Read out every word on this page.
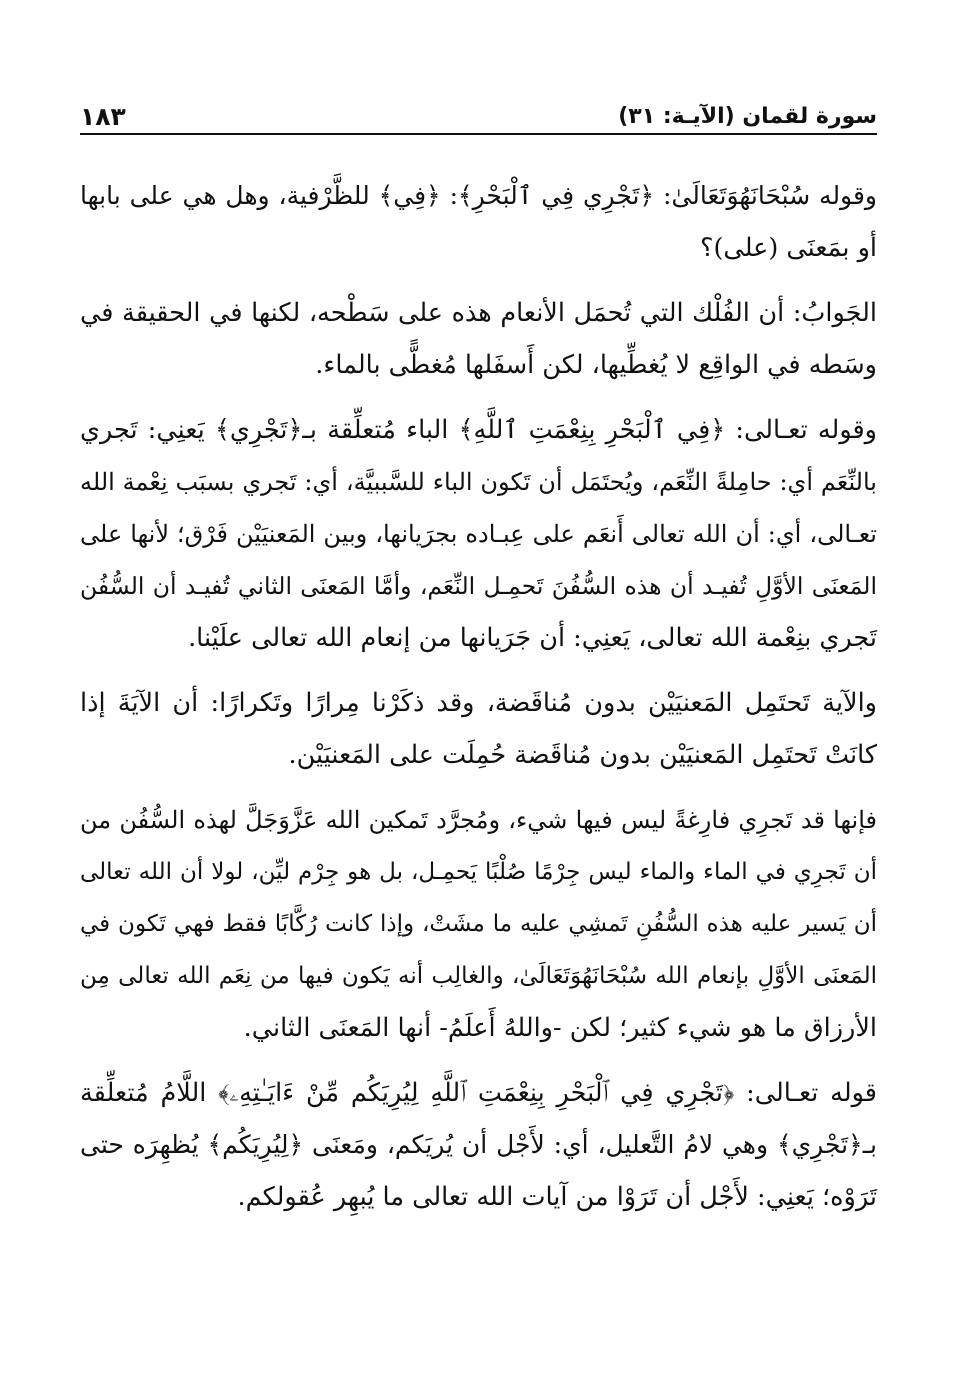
سورة لقمان (الآيـة: ٣١)
١٨٣

وقوله سُبْحَانَهُوَتَعَالَىٰ: ﴿تَجْرِي فِي ٱلْبَحْرِ﴾: ﴿فِي﴾ للظَّرْفية، وهل هي على بابها
أو بمَعنَى (على)؟

الجَوابُ: أن الفُلْك التي تُحمَل الأنعام هذه على سَطْحه، لكنها في الحقيقة في
وسَطه في الواقِع لا يُغطِّيها، لكن أَسفَلها مُغطًّى بالماء.

وقوله تعـالى: ﴿فِي ٱلْبَحْرِ بِنِعْمَتِ ٱللَّهِ﴾ الباء مُتعلِّقة بـ﴿تَجْرِي﴾ يَعنِي: تَجري
بالنِّعَم أي: حامِلةً النِّعَم، ويُحتَمَل أن تَكون الباء للسَّببيَّة، أي: تَجري بسبَب نِعْمة الله
تعـالى، أي: أن الله تعالى أَنعَم على عِبـاده بجرَيانها، وبين المَعنيَيْن فَرْق؛ لأنها على
المَعنَى الأوَّلِ تُفيـد أن هذه السُّفُنَ تَحمِـل النِّعَم، وأمَّا المَعنَى الثاني تُفيـد أن السُّفُن
تَجري بنِعْمة الله تعالى، يَعنِي: أن جَرَيانها من إنعام الله تعالى علَيْنا.

والآية تَحتَمِل المَعنيَيْن بدون مُناقَضة، وقد ذكَرْنا مِرارًا وتَكرارًا: أن الآيَةَ إذا
كانَتْ تَحتَمِل المَعنيَيْن بدون مُناقَضة حُمِلَت على المَعنيَيْن.

فإنها قد تَجرِي فارِغةً ليس فيها شيء، ومُجرَّد تَمكين الله عَزَّوَجَلَّ لهذه السُّفُن من
أن تَجرِي في الماء والماء ليس جِرْمًا صُلْبًا يَحمِـل، بل هو جِرْم ليِّن، لولا أن الله تعالى
أن يَسير عليه هذه السُّفُنِ تَمشِي عليه ما مشَتْ، وإذا كانت رُكَّابًا فقط فهي تَكون في
المَعنَى الأوَّلِ بإنعام الله سُبْحَانَهُوَتَعَالَىٰ، والغالِب أنه يَكون فيها من نِعَم الله تعالى مِن
الأرزاق ما هو شيء كثير؛ لكن -واللهُ أَعلَمُ- أنها المَعنَى الثاني.

قوله تعـالى: ﴿تَجْرِي فِي ٱلْبَحْرِ بِنِعْمَتِ ٱللَّهِ لِيُرِيَكُم مِّنْ ءَايَـٰتِهِۦ﴾ اللَّامُ مُتعلِّقة
بـ﴿تَجْرِي﴾ وهي لامُ التَّعليل، أي: لأَجْل أن يُريَكم، ومَعنَى ﴿لِيُرِيَكُم﴾ يُظهِرَه حتى
تَرَوْه؛ يَعنِي: لأَجْل أن تَرَوْا من آيات الله تعالى ما يُبهِر عُقولكم.
